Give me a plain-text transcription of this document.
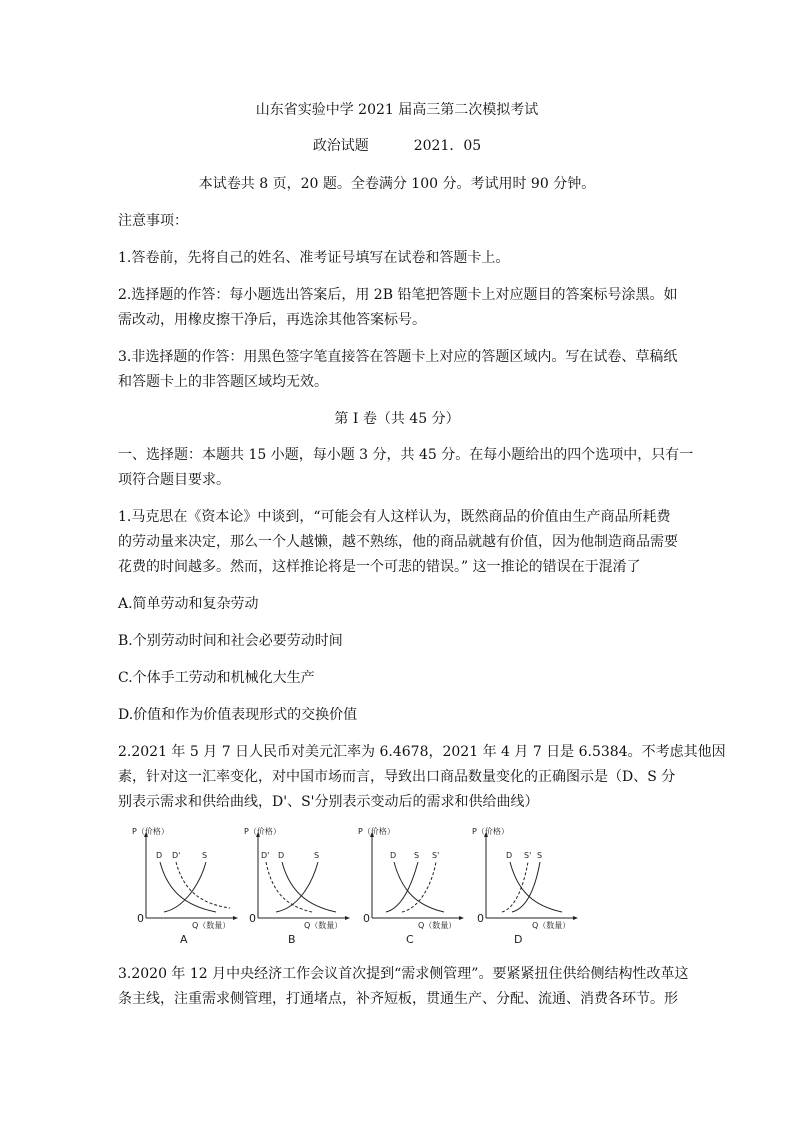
山东省实验中学 2021 届高三第二次模拟考试
政治试题	2021．05
本试卷共 8 页，20 题。全卷满分 100 分。考试用时 90 分钟。
注意事项：
1.答卷前，先将自己的姓名、准考证号填写在试卷和答题卡上。
2.选择题的作答：每小题选出答案后，用 2B 铅笔把答题卡上对应题目的答案标号涂黑。如
需改动，用橡皮擦干净后，再选涂其他答案标号。
3.非选择题的作答：用黑色签字笔直接答在答题卡上对应的答题区域内。写在试卷、草稿纸
和答题卡上的非答题区域均无效。
第 I 卷（共 45 分）
一、选择题：本题共 15 小题，每小题 3 分，共 45 分。在每小题给出的四个选项中，只有一
项符合题目要求。
1.马克思在《资本论》中谈到，“可能会有人这样认为，既然商品的价值由生产商品所耗费
的劳动量来决定，那么一个人越懒，越不熟练，他的商品就越有价值，因为他制造商品需要
花费的时间越多。然而，这样推论将是一个可悲的错误。” 这一推论的错误在于混淆了
A.简单劳动和复杂劳动
B.个别劳动时间和社会必要劳动时间
C.个体手工劳动和机械化大生产
D.价值和作为价值表现形式的交换价值
2.2021 年 5 月 7 日人民币对美元汇率为 6.4678，2021 年 4 月 7 日是 6.5384。不考虑其他因
素，针对这一汇率变化，对中国市场而言，导致出口商品数量变化的正确图示是（D、S 分
别表示需求和供给曲线，D'、S'分别表示变动后的需求和供给曲线）
P（价格）
Q（数量）
0
D D'	S
A
P（价格）
Q（数量）
0
D' D	S
B
P（价格）
Q（数量）
0
D S S'
C
P（价格）
Q（数量）
0
D S' S
D
3.2020 年 12 月中央经济工作会议首次提到“需求侧管理”。要紧紧扭住供给侧结构性改革这
条主线，注重需求侧管理，打通堵点，补齐短板，贯通生产、分配、流通、消费各环节。形
